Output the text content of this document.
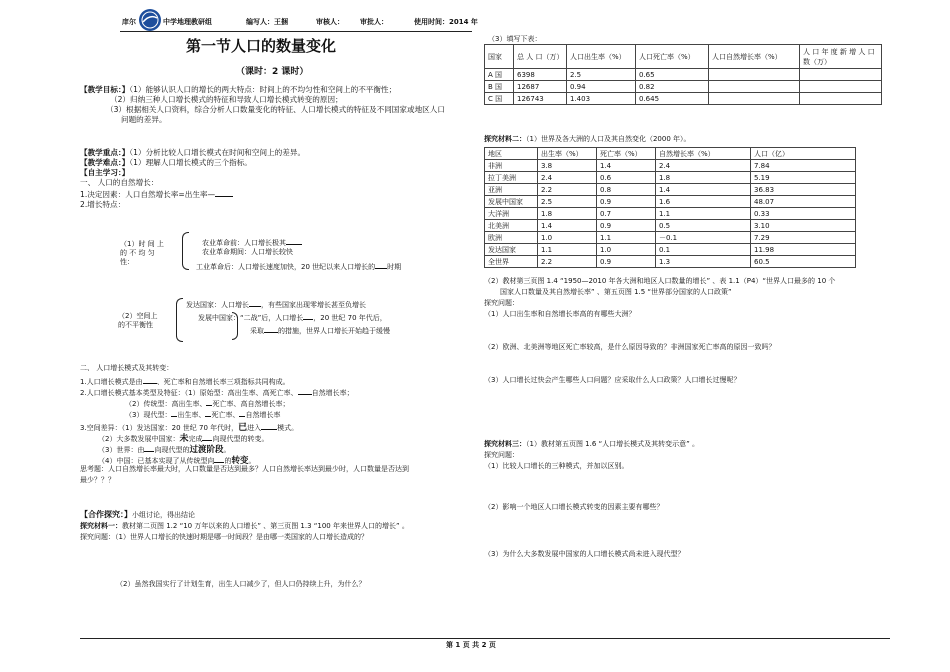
庠尔	中学地理教研组	编写人：王捆	审核人： 审批人：	使用时间：2014 年
第一节人口的数量变化
（课时：2 课时）
【教学目标：】（1）能够认识人口的增长的两大特点：时间上的不均匀性和空间上的不平衡性；
（2）归纳三种人口增长模式的特征和导致人口增长模式转变的原因；
（3）根据相关人口资料，综合分析人口数量变化的特征、人口增长模式的特征及不同国家或地区人口
问题的差异。
【教学重点：】（1）分析比较人口增长模式在时间和空间上的差异。
【教学难点：】（1）理解人口增长模式的三个指标。
【自主学习：】
一、 人口的自然增长：
1.决定因素：人口自然增长率=出生率—
2.增长特点：
（1）时 间 上
的 不 均 匀
性：
农业革命前：人口增长极其
农业革命期间：人口增长较快
工业革命后：人口增长速度加快，20 世纪以来人口增长的 时期
（2）空间上
的不平衡性
发达国家：人口增长 ，有些国家出现零增长甚至负增长
发展中国家：“二战”后，人口增长 ，20 世纪 70 年代后，
采取 的措施，世界人口增长开始趋于缓慢
二、 人口增长模式及其转变：
1.人口增长模式是由 、死亡率和自然增长率三项指标共同构成。
2.人口增长模式基本类型及特征：（1）原始型：高出生率、高死亡率、 自然增长率；
（2）传统型：高出生率、 死亡率、高自然增长率；
（3）现代型： 出生率、 死亡率、 自然增长率
3.空间差异：（1）发达国家：20 世纪 70 年代时，已进入 模式。
（2）大多数发展中国家：未完成 向现代型的转变。
（3）世界：由 向现代型的过渡阶段。
（4）中国：已基本实现了从传统型向 的转变。
思考题：人口自然增长率最大时，人口数量是否达到最多？人口自然增长率达到最少时，人口数量是否达到
最少？？？
【合作探究：】小组讨论，得出结论
探究材料一：教材第二页图 1.2 “10 万年以来的人口增长” 、第三页图 1.3 “100 年来世界人口的增长” 。
探究问题：（1）世界人口增长的快速时期是哪一时间段？是由哪一类国家的人口增长造成的？
（2）虽然我国实行了计划生育，出生人口减少了，但人口仍持续上升，为什么？
（3）填写下表：
国家	总 人 口（万）	人口出生率（%）	人口死亡率（%）	人口自然增长率（%）	人 口 年 度 新 增 人 口 数（万）
A 国	6398	2.5	0.65		
B 国	12687	0.94	0.82		
C 国	126743	1.403	0.645		
探究材料二：（1）世界及各大洲的人口及其自然变化（2000 年）。
地区	出生率（%）	死亡率（%）	自然增长率（%）	人口（亿）
非洲	3.8	1.4	2.4	7.84
拉丁美洲	2.4	0.6	1.8	5.19
亚洲	2.2	0.8	1.4	36.83
发展中国家	2.5	0.9	1.6	48.07
大洋洲	1.8	0.7	1.1	0.33
北美洲	1.4	0.9	0.5	3.10
欧洲	1.0	1.1	－0.1	7.29
发达国家	1.1	1.0	0.1	11.98
全世界	2.2	0.9	1.3	60.5
（2）教材第三页图 1.4 “1950—2010 年各大洲和地区人口数量的增长” 、表 1.1（P4）“世界人口最多的 10 个
国家人口数量及其自然增长率” 、第五页图 1.5 “世界部分国家的人口政策”
探究问题：
（1）人口出生率和自然增长率高的有哪些大洲？
（2）欧洲、北美洲等地区死亡率较高，是什么原因导致的？非洲国家死亡率高的原因一致吗？
（3）人口增长过快会产生哪些人口问题？应采取什么人口政策？人口增长过慢呢？
探究材料三：（1）教材第五页图 1.6 “人口增长模式及其转变示意” 。
探究问题：
（1）比较人口增长的三种模式，并加以区别。
（2）影响一个地区人口增长模式转变的因素主要有哪些？
（3）为什么大多数发展中国家的人口增长模式尚未进入现代型？
第 1 页 共 2 页
